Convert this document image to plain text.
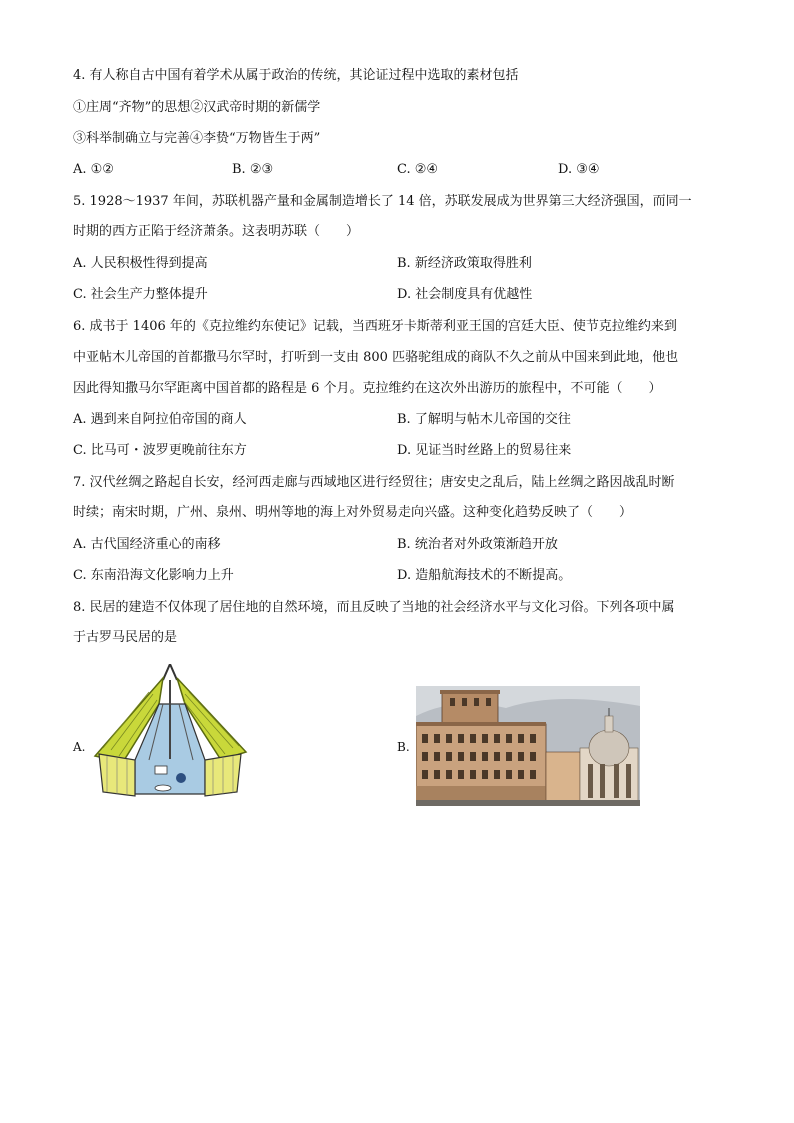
4. 有人称自古中国有着学术从属于政治的传统，其论证过程中选取的素材包括
①庄周“齐物”的思想②汉武帝时期的新儒学
③科举制确立与完善④李贽“万物皆生于两”
A. ①②	B. ②③	C. ②④	D. ③④
5. 1928～1937 年间，苏联机器产量和金属制造增长了 14 倍，苏联发展成为世界第三大经济强国，而同一
时期的西方正陷于经济萧条。这表明苏联（　　）
A. 人民积极性得到提高	B. 新经济政策取得胜利
C. 社会生产力整体提升	D. 社会制度具有优越性
6. 成书于 1406 年的《克拉维约东使记》记载，当西班牙卡斯蒂利亚王国的宫廷大臣、使节克拉维约来到
中亚帖木儿帝国的首都撒马尔罕时，打听到一支由 800 匹骆驼组成的商队不久之前从中国来到此地，他也
因此得知撒马尔罕距离中国首都的路程是 6 个月。克拉维约在这次外出游历的旅程中，不可能（　　）
A. 遇到来自阿拉伯帝国的商人	B. 了解明与帖木儿帝国的交往
C. 比马可・波罗更晚前往东方	D. 见证当时丝路上的贸易往来
7. 汉代丝绸之路起自长安，经河西走廊与西域地区进行经贸往；唐安史之乱后，陆上丝绸之路因战乱时断
时续；南宋时期，广州、泉州、明州等地的海上对外贸易走向兴盛。这种变化趋势反映了（　　）
A. 古代国经济重心的南移	B. 统治者对外政策渐趋开放
C. 东南沿海文化影响力上升	D. 造船航海技术的不断提高。
8. 民居的建造不仅体现了居住地的自然环境，而且反映了当地的社会经济水平与文化习俗。下列各项中属
于古罗马民居的是
A.	B.
